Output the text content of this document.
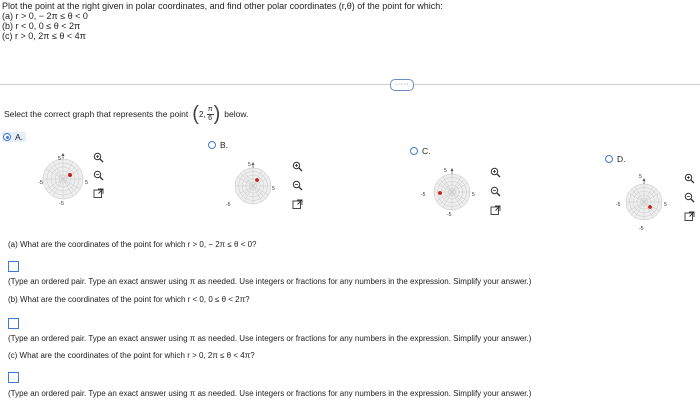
Plot the point at the right given in polar coordinates, and find other polar coordinates (r,θ) of the point for which:
(a) r > 0, − 2π ≤ θ < 0
(b) r < 0, 0 ≤ θ < 2π
(c) r > 0, 2π ≤ θ < 4π
·····
Select the correct graph that represents the point ( 2, $\frac{\pi}{6}$ ) below.
A.
5
-5	5
-5
B.
5
-5
5
C.
5
-5	5
-5
D.
5
-5	5
-5
(a) What are the coordinates of the point for which r > 0, − 2π ≤ θ < 0?
(Type an ordered pair. Type an exact answer using π as needed. Use integers or fractions for any numbers in the expression. Simplify your answer.)
(b) What are the coordinates of the point for which r < 0, 0 ≤ θ < 2π?
(Type an ordered pair. Type an exact answer using π as needed. Use integers or fractions for any numbers in the expression. Simplify your answer.)
(c) What are the coordinates of the point for which r > 0, 2π ≤ θ < 4π?
(Type an ordered pair. Type an exact answer using π as needed. Use integers or fractions for any numbers in the expression. Simplify your answer.)
